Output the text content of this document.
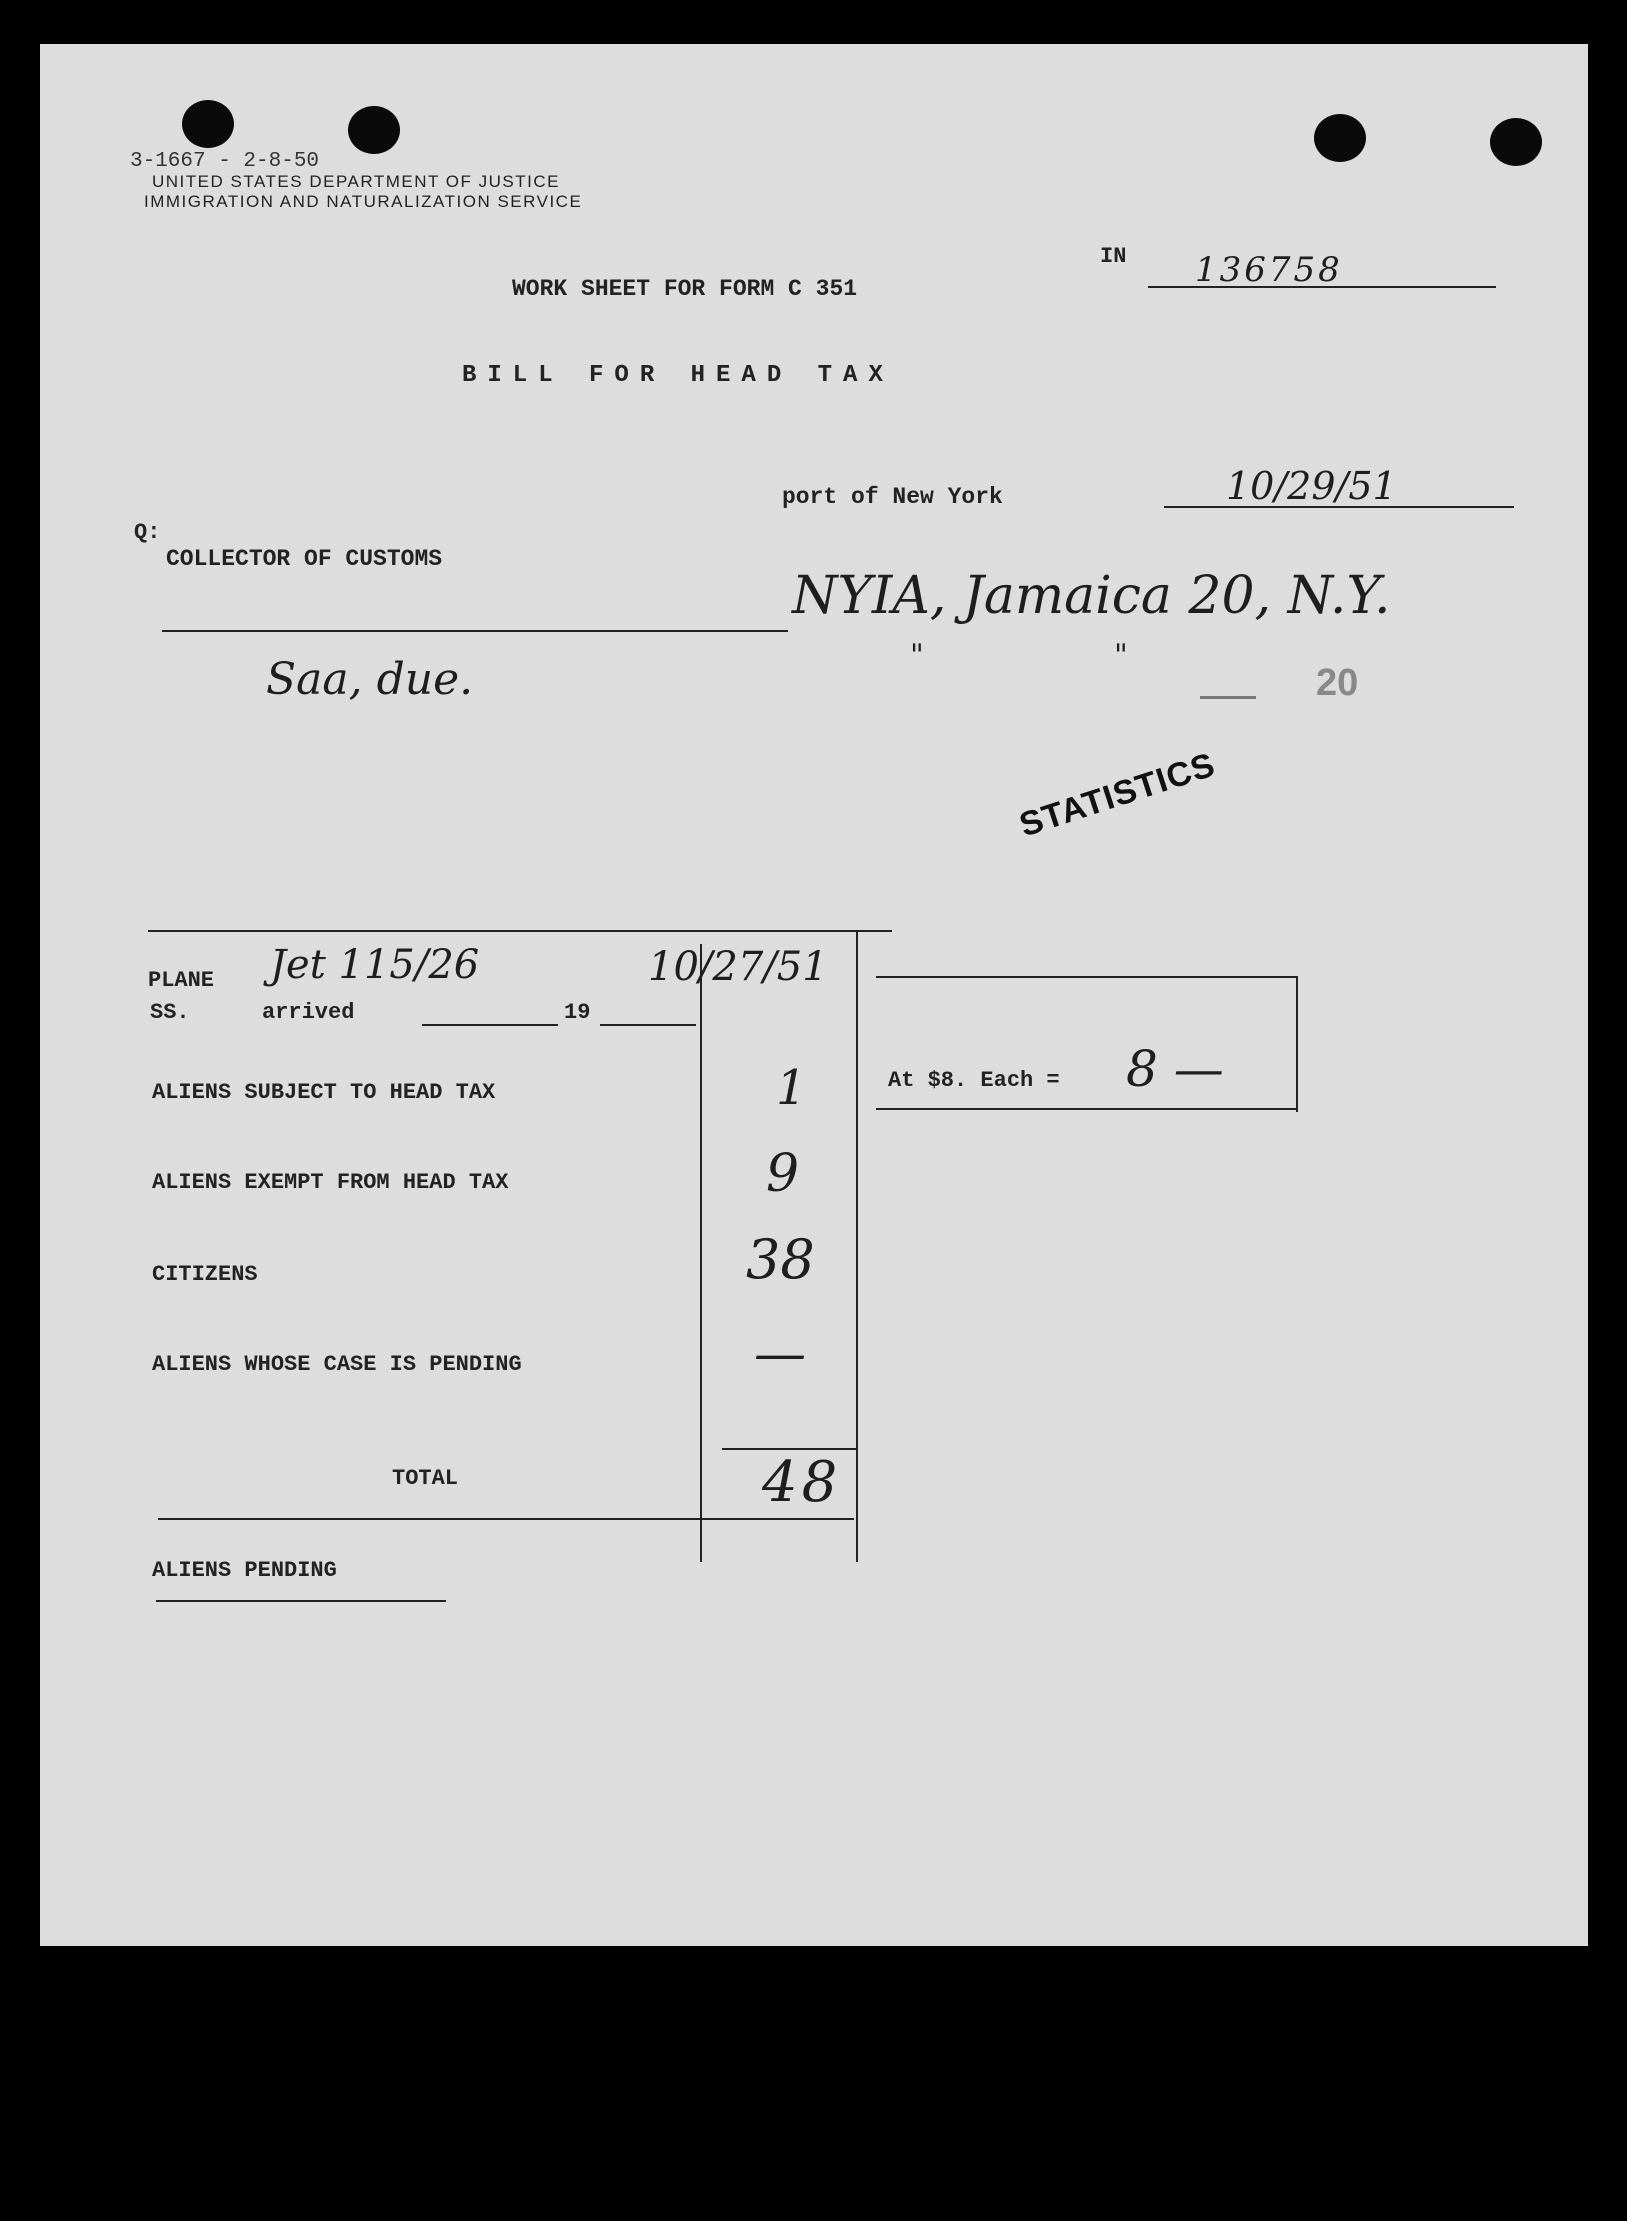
3-1667 - 2-8-50
UNITED STATES DEPARTMENT OF JUSTICE
IMMIGRATION AND NATURALIZATION SERVICE
IN 136758
WORK SHEET FOR FORM C 351
BILL FOR HEAD TAX
port of New York	10/29/51
Q:
COLLECTOR OF CUSTOMS
NYIA, Jamaica 20, N.Y.
"	"
Saa, due.	20
STATISTICS
PLANE Jet 115/26	10/27/51
SS.	arrived	19
ALIENS SUBJECT TO HEAD TAX	1
ALIENS EXEMPT FROM HEAD TAX	9
CITIZENS	38
ALIENS WHOSE CASE IS PENDING	—
TOTAL	48
At $8. Each = 8 —
ALIENS PENDING
